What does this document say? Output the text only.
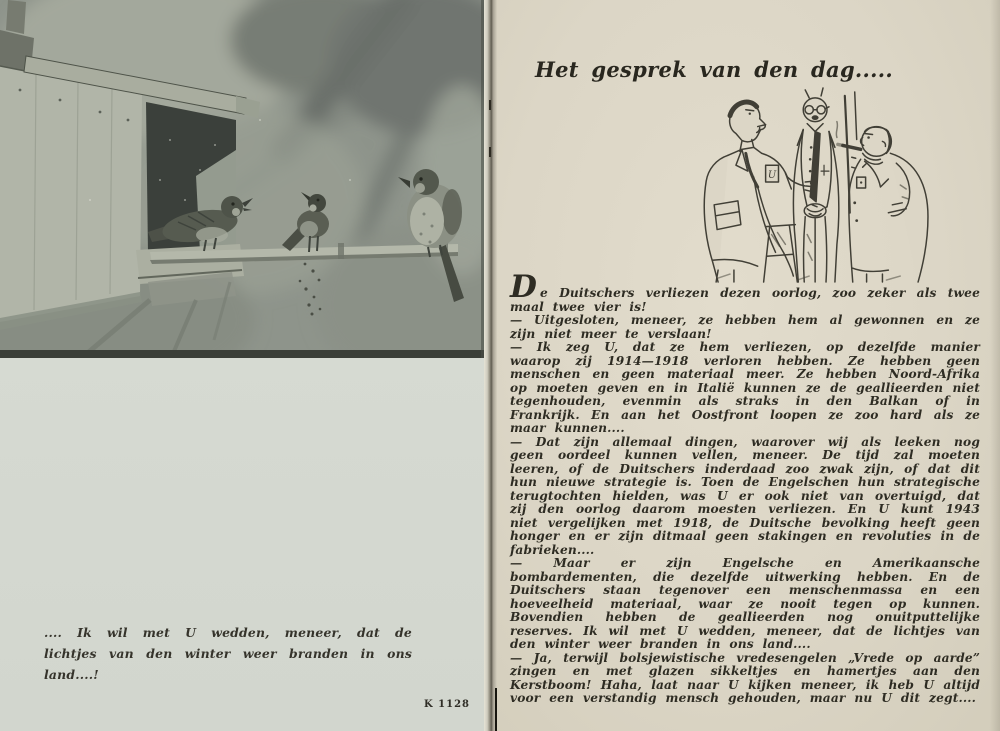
.... Ik wil met U wedden, meneer, dat de lichtjes van den winter weer branden in ons land....!

K 1128
Het gesprek van den dag.....
U

De Duitschers verliezen dezen oorlog, zoo zeker als twee maal twee vier is!

— Uitgesloten, meneer, ze hebben hem al gewonnen en ze zijn niet meer te verslaan!

— Ik zeg U, dat ze hem verliezen, op dezelfde manier waarop zij 1914—1918 verloren hebben. Ze hebben geen menschen en geen materiaal meer. Ze hebben Noord-Afrika op moeten geven en in Italië kunnen ze de geallieerden niet tegenhouden, evenmin als straks in den Balkan of in Frankrijk. En aan het Oostfront loopen ze zoo hard als ze maar kunnen....

— Dat zijn allemaal dingen, waarover wij als leeken nog geen oordeel kunnen vellen, meneer. De tijd zal moeten leeren, of de Duitschers inderdaad zoo zwak zijn, of dat dit hun nieuwe strategie is. Toen de Engelschen hun strategische terugtochten hielden, was U er ook niet van overtuigd, dat zij den oorlog daarom moesten verliezen. En U kunt 1943 niet vergelijken met 1918, de Duitsche bevolking heeft geen honger en er zijn ditmaal geen stakingen en revoluties in de fabrieken....

— Maar er zijn Engelsche en Amerikaansche bombardementen, die dezelfde uitwerking hebben. En de Duitschers staan tegenover een menschenmassa en een hoeveelheid materiaal, waar ze nooit tegen op kunnen. Bovendien hebben de geallieerden nog onuitputtelijke reserves. Ik wil met U wedden, meneer, dat de lichtjes van den winter weer branden in ons land....

— Ja, terwijl bolsjewistische vredesengelen „Vrede op aarde” zingen en met glazen sikkeltjes en hamertjes aan den Kerstboom! Haha, laat naar U kijken meneer, ik heb U altijd voor een verstandig mensch gehouden, maar nu U dit zegt....
